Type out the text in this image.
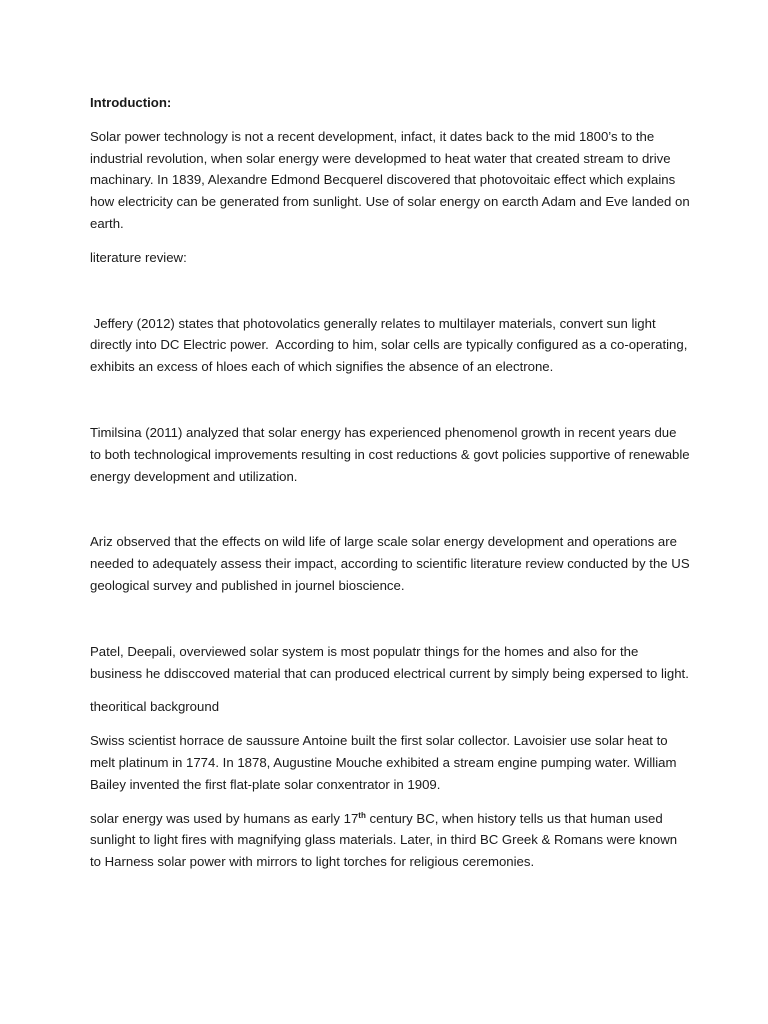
Introduction:

Solar power technology is not a recent development, infact, it dates back to the mid 1800’s to the industrial revolution, when solar energy were developmed to heat water that created stream to drive machinary. In 1839, Alexandre Edmond Becquerel discovered that photovoitaic effect which explains how electricity can be generated from sunlight. Use of solar energy on earcth Adam and Eve landed on earth.

literature review:

Jeffery (2012) states that photovolatics generally relates to multilayer materials, convert sun light directly into DC Electric power.  According to him, solar cells are typically configured as a co-operating, exhibits an excess of hloes each of which signifies the absence of an electrone.

Timilsina (2011) analyzed that solar energy has experienced phenomenol growth in recent years due to both technological improvements resulting in cost reductions & govt policies supportive of renewable energy development and utilization.

Ariz observed that the effects on wild life of large scale solar energy development and operations are needed to adequately assess their impact, according to scientific literature review conducted by the US geological survey and published in journel bioscience.

Patel, Deepali, overviewed solar system is most populatr things for the homes and also for the business he ddisccoved material that can produced electrical current by simply being expersed to light.

theoritical background

Swiss scientist horrace de saussure Antoine built the first solar collector. Lavoisier use solar heat to melt platinum in 1774. In 1878, Augustine Mouche exhibited a stream engine pumping water. William Bailey invented the first flat-plate solar conxentrator in 1909.

solar energy was used by humans as early 17th century BC, when history tells us that human used sunlight to light fires with magnifying glass materials. Later, in third BC Greek & Romans were known to Harness solar power with mirrors to light torches for religious ceremonies.
